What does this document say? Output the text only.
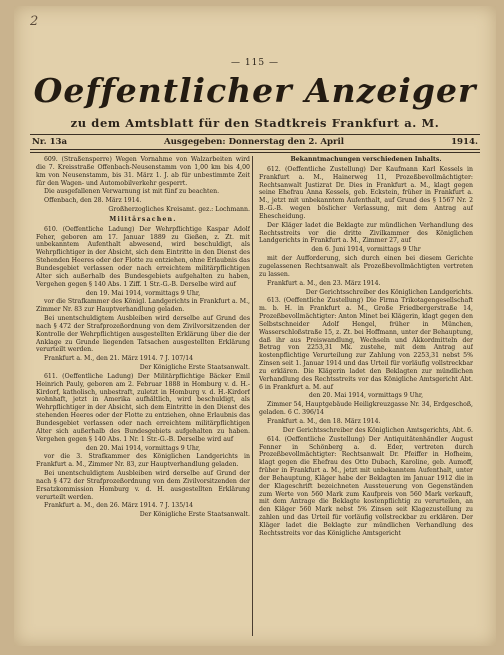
2
— 115 —
Oeffentlicher Anzeiger
zu dem Amtsblatt für den Stadtkreis Frankfurt a. M.
Nr. 13a	Ausgegeben: Donnerstag den 2. April	1914.

609. (Straßensperre) Wegen Vornahme von Walzarbeiten wird die 7. Kreisstraße Offenbach-Neusenstamm von 1,00 km bis 4,00 km von Neusenstamm, bis 31. März 1. J. ab für unbestimmte Zeit für den Wagen- und Automobilverkehr gesperrt.

Die ausgefallenen Verwarnung ist mit fünf zu beachten.

Offenbach, den 28. März 1914.

Großherzogliches Kreisamt. gez.: Lochmann.

Militärsachen.

610. (Oeffentliche Ladung) Der Wehrpflichtige Kaspar Adolf Feher, geboren am 17. Januar 1889 zu Gießen, z. Zt. mit unbekanntem Aufenthalt abwesend, wird beschuldigt, als Wehrpflichtiger in der Absicht, sich dem Eintritte in den Dienst des Stehenden Heeres oder der Flotte zu entziehen, ohne Erlaubnis das Bundesgebiet verlassen oder nach erreichtem militärpflichtigen Alter sich außerhalb des Bundesgebiets aufgehalten zu haben, Vergehen gegen § 140 Abs. 1 Ziff. 1 Str.-G.-B. Derselbe wird auf

den 19. Mai 1914, vormittags 9 Uhr,

vor die Strafkammer des Königl. Landgerichts in Frankfurt a. M., Zimmer Nr. 83 zur Hauptverhandlung geladen.

Bei unentschuldigtem Ausbleiben wird derselbe auf Grund des nach § 472 der Strafprozeßordnung von dem Zivilvorsitzenden der Kontrolle der Wehrpflichtigen ausgestellten Erklärung über die der Anklage zu Grunde liegenden Tatsachen ausgestellten Erklärung verurteilt werden.

Frankfurt a. M., den 21. März 1914. 7 J. 107/14

Der Königliche Erste Staatsanwalt.

611. (Oeffentliche Ladung) Der Militärpflichtige Bäcker Emil Heinrich Pauly, geboren am 2. Februar 1888 in Homburg v. d. H.-Kirdorf, katholisch, unbestraft, zuletzt in Homburg v. d. H.-Kirdorf wohnhaft, jetzt in Amerika aufhältlich, wird beschuldigt, als Wehrpflichtiger in der Absicht, sich dem Eintritte in den Dienst des stehenden Heeres oder der Flotte zu entziehen, ohne Erlaubnis das Bundesgebiet verlassen oder nach erreichtem militärpflichtigen Alter sich außerhalb des Bundesgebiets aufgehalten zu haben. Vergehen gegen § 140 Abs. 1 Nr. 1 Str.-G.-B. Derselbe wird auf

den 20. Mai 1914, vormittags 9 Uhr,

vor die 3. Strafkammer des Königlichen Landgerichts in Frankfurt a. M., Zimmer Nr. 83, zur Hauptverhandlung geladen.

Bei unentschuldigtem Ausbleiben wird derselbe auf Grund der nach § 472 der Strafprozeßordnung von dem Zivilvorsitzenden der Ersatzkommission Homburg v. d. H. ausgestellten Erklärung verurteilt werden.

Frankfurt a. M., den 26. März 1914. 7 J. 135/14

Der Königliche Erste Staatsanwalt.

Bekanntmachungen verschiedenen Inhalts.

612. (Oeffentliche Zustellung) Der Kaufmann Karl Kessels in Frankfurt a. M., Hainerweg 11, Prozeßbevollmächtigter: Rechtsanwalt Justizrat Dr. Dies in Frankfurt a. M., klagt gegen seine Ehefrau Anna Kessels, geb. Eckstein, früher in Frankfurt a. M., jetzt mit unbekanntem Aufenthalt, auf Grund des § 1567 Nr. 2 B.-G.-B. wegen böslicher Verlassung, mit dem Antrag auf Ehescheidung.

Der Kläger ladet die Beklagte zur mündlichen Verhandlung des Rechtsstreits vor die dritte Zivilkammer des Königlichen Landgerichts in Frankfurt a. M., Zimmer 27, auf

den 6. Juni 1914, vormittags 9 Uhr

mit der Aufforderung, sich durch einen bei diesem Gerichte zugelassenen Rechtsanwalt als Prozeßbevollmächtigten vertreten zu lassen.

Frankfurt a. M., den 23. März 1914.

Der Gerichtsschreiber des Königlichen Landgerichts.

613. (Oeffentliche Zustellung) Die Firma Trikotagengesellschaft m. b. H. in Frankfurt a. M., Große Friedbergerstraße 14, Prozeßbevollmächtigter: Anton Minet bei Klägerin, klagt gegen den Selbstschneider Adolf Hengel, früher in München, Wasserschloßstraße 15, z. Zt. bei Hoffmann, unter der Behauptung, daß ihr aus Preiswandlung, Wechseln und Akkordmitteln der Betrag von 2253,31 Mk. zustehe, mit dem Antrag auf kostenpflichtige Verurteilung zur Zahlung von 2253,31 nebst 5% Zinsen seit 1. Januar 1914 und das Urteil für vorläufig vollstreckbar zu erklären. Die Klägerin ladet den Beklagten zur mündlichen Verhandlung des Rechtsstreits vor das Königliche Amtsgericht Abt. 6 in Frankfurt a. M. auf

den 20. Mai 1914, vormittags 9 Uhr,

Zimmer 54, Hauptgebäude Heiligkreuzgasse Nr. 34, Erdgeschoß, geladen. 6 C. 396/14

Frankfurt a. M., den 18. März 1914.

Der Gerichtsschreiber des Königlichen Amtsgerichts, Abt. 6.

614. (Oeffentliche Zustellung) Der Antiquitätenhändler August Fenner in Schönberg a. d. Eder, vertreten durch Prozeßbevollmächtigter: Rechtsanwalt Dr. Pfeiffer in Hofheim, klagt gegen die Ehefrau des Otto Dubach, Karoline, geb. Aumoff, früher in Frankfurt a. M., jetzt mit unbekanntem Aufenthalt, unter der Behauptung, Kläger habe der Beklagten im Januar 1912 die in der Klageschrift bezeichneten Aussteuerung von Gegenständen zum Werte von 560 Mark zum Kaufpreis von 560 Mark verkauft, mit dem Antrage die Beklagte kostenpflichtig zu verurteilen, an den Kläger 560 Mark nebst 5% Zinsen seit Klagezustellung zu zahlen und das Urteil für vorläufig vollstreckbar zu erklären. Der Kläger ladet die Beklagte zur mündlichen Verhandlung des Rechtsstreits vor das Königliche Amtsgericht
